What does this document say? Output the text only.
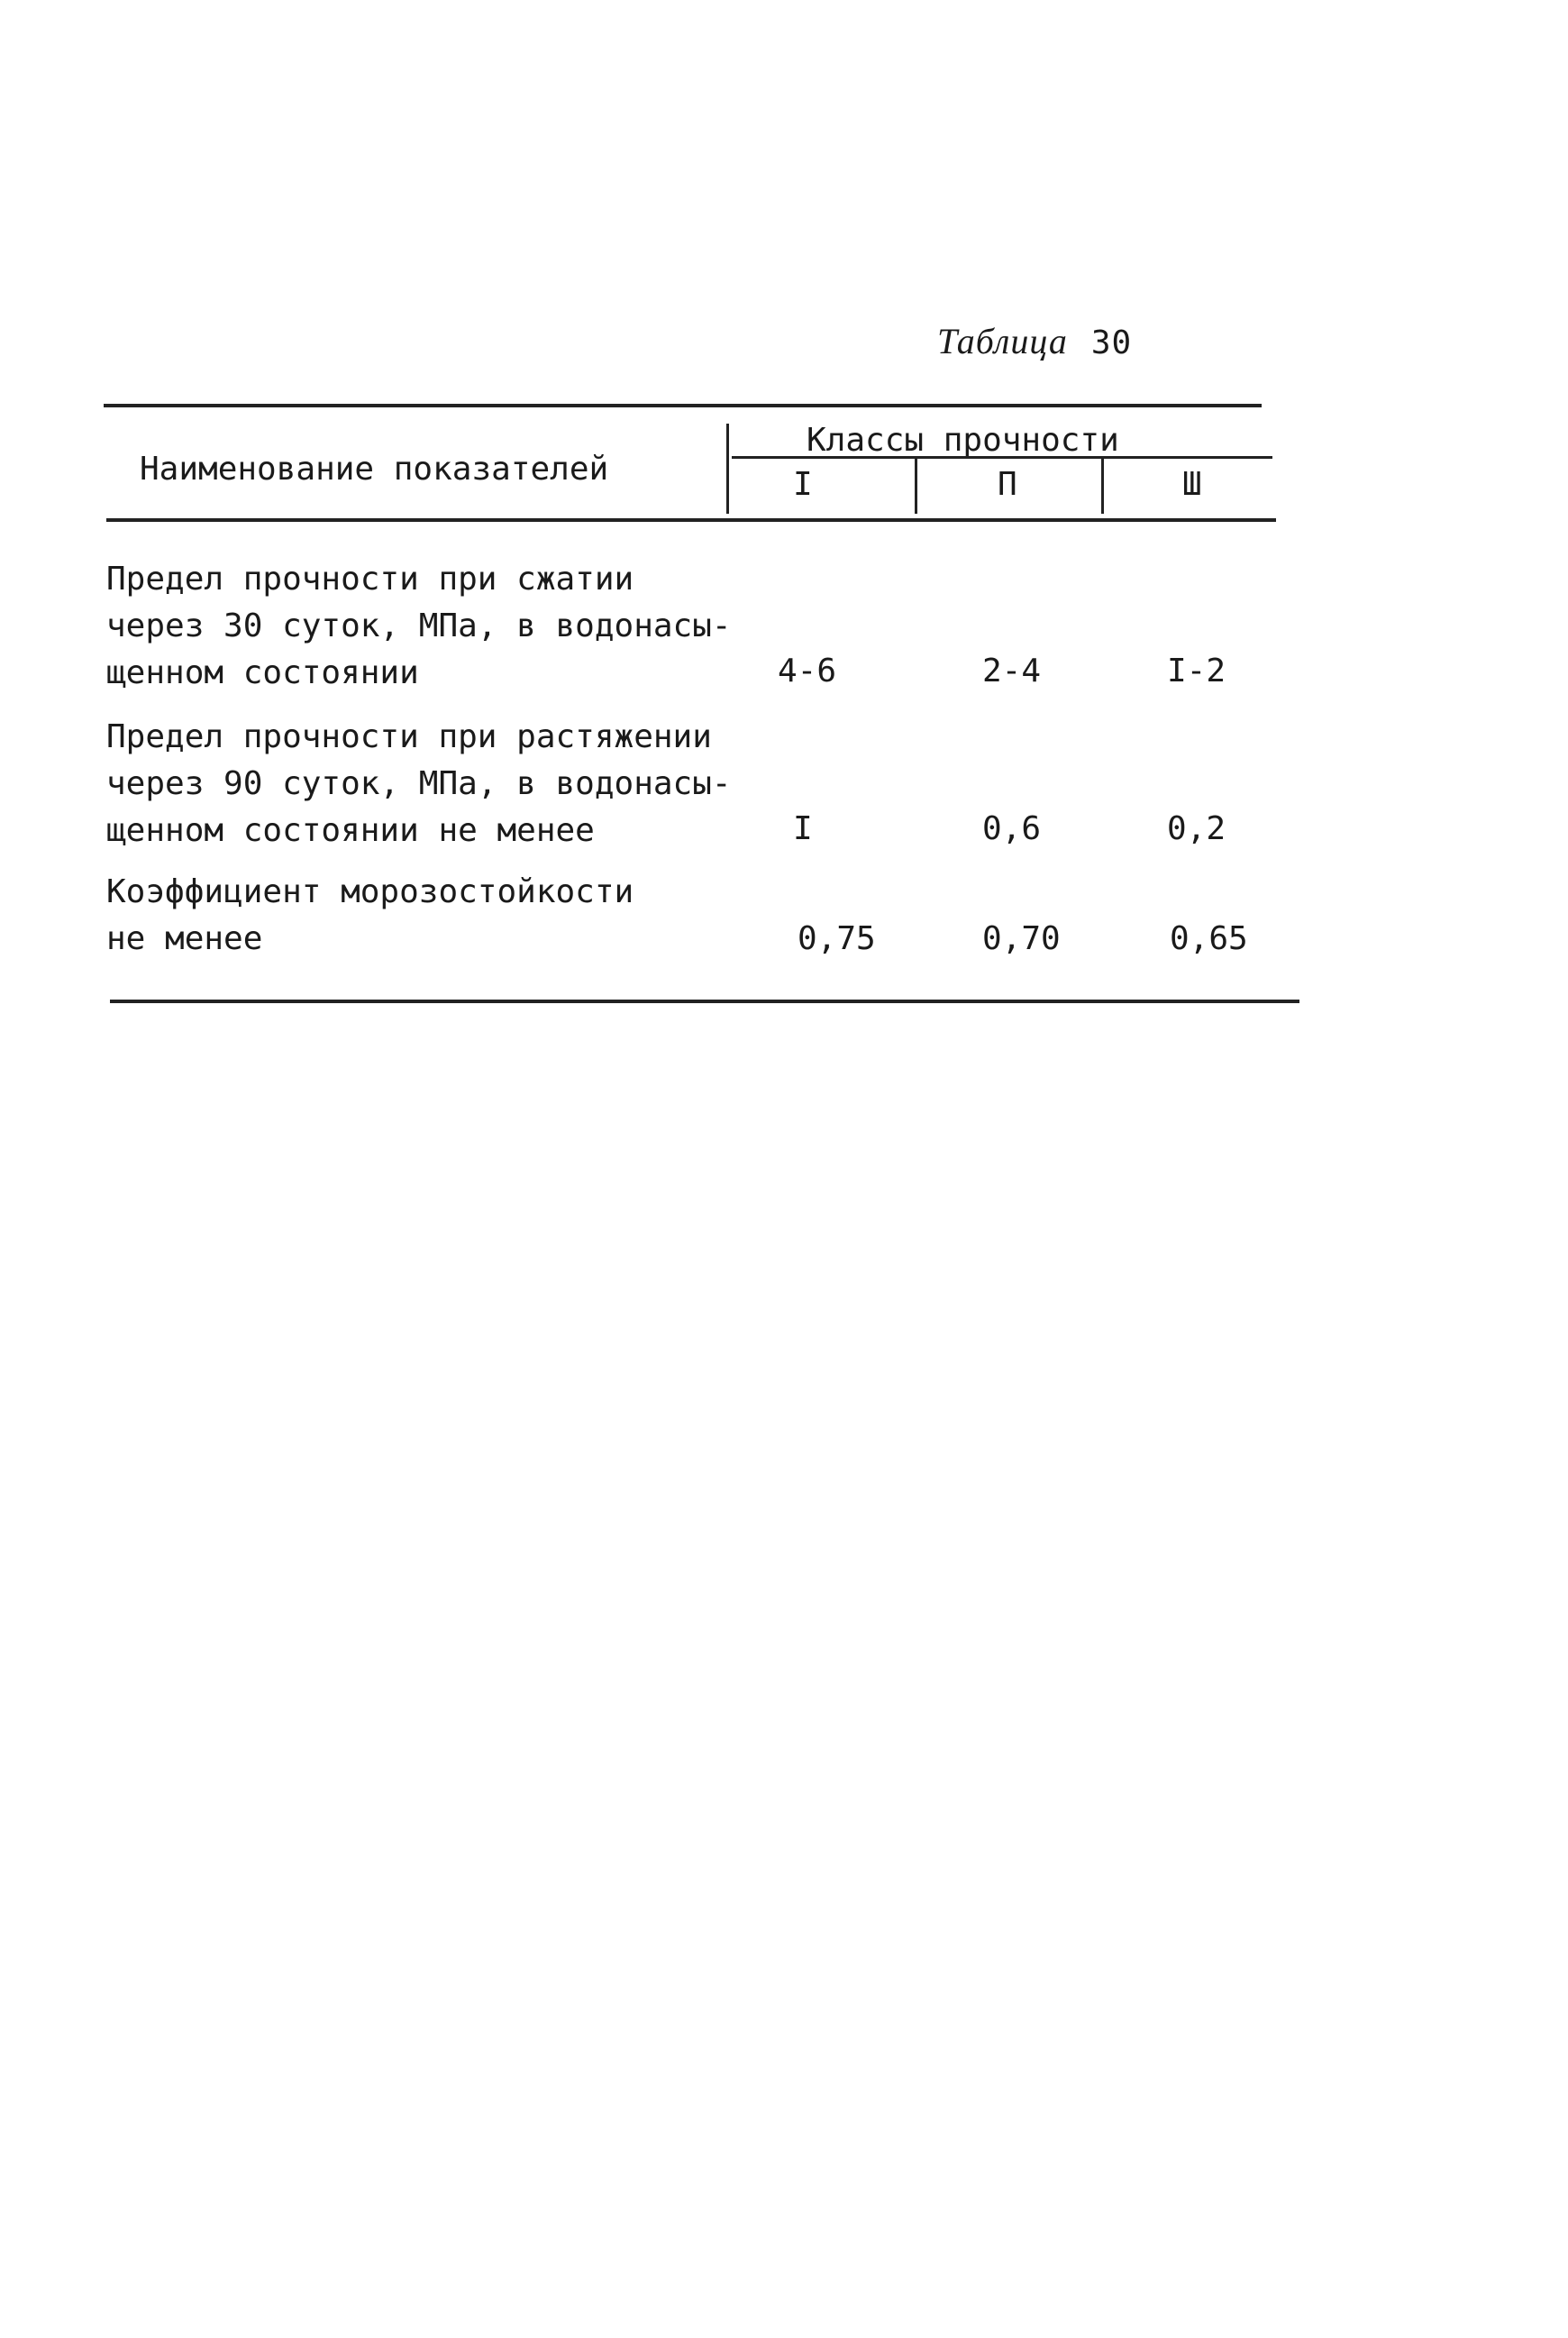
Таблица 30
Наименование показателей
Классы прочности
I	П	Ш
Предел прочности при сжатии
через 30 суток, МПа, в водонасы-
щенном состоянии	4-6	2-4	I-2
Предел прочности при растяжении
через 90 суток, МПа, в водонасы-
щенном состоянии не менее	I	0,6	0,2
Коэффициент морозостойкости
не менее	0,75	0,70	0,65
